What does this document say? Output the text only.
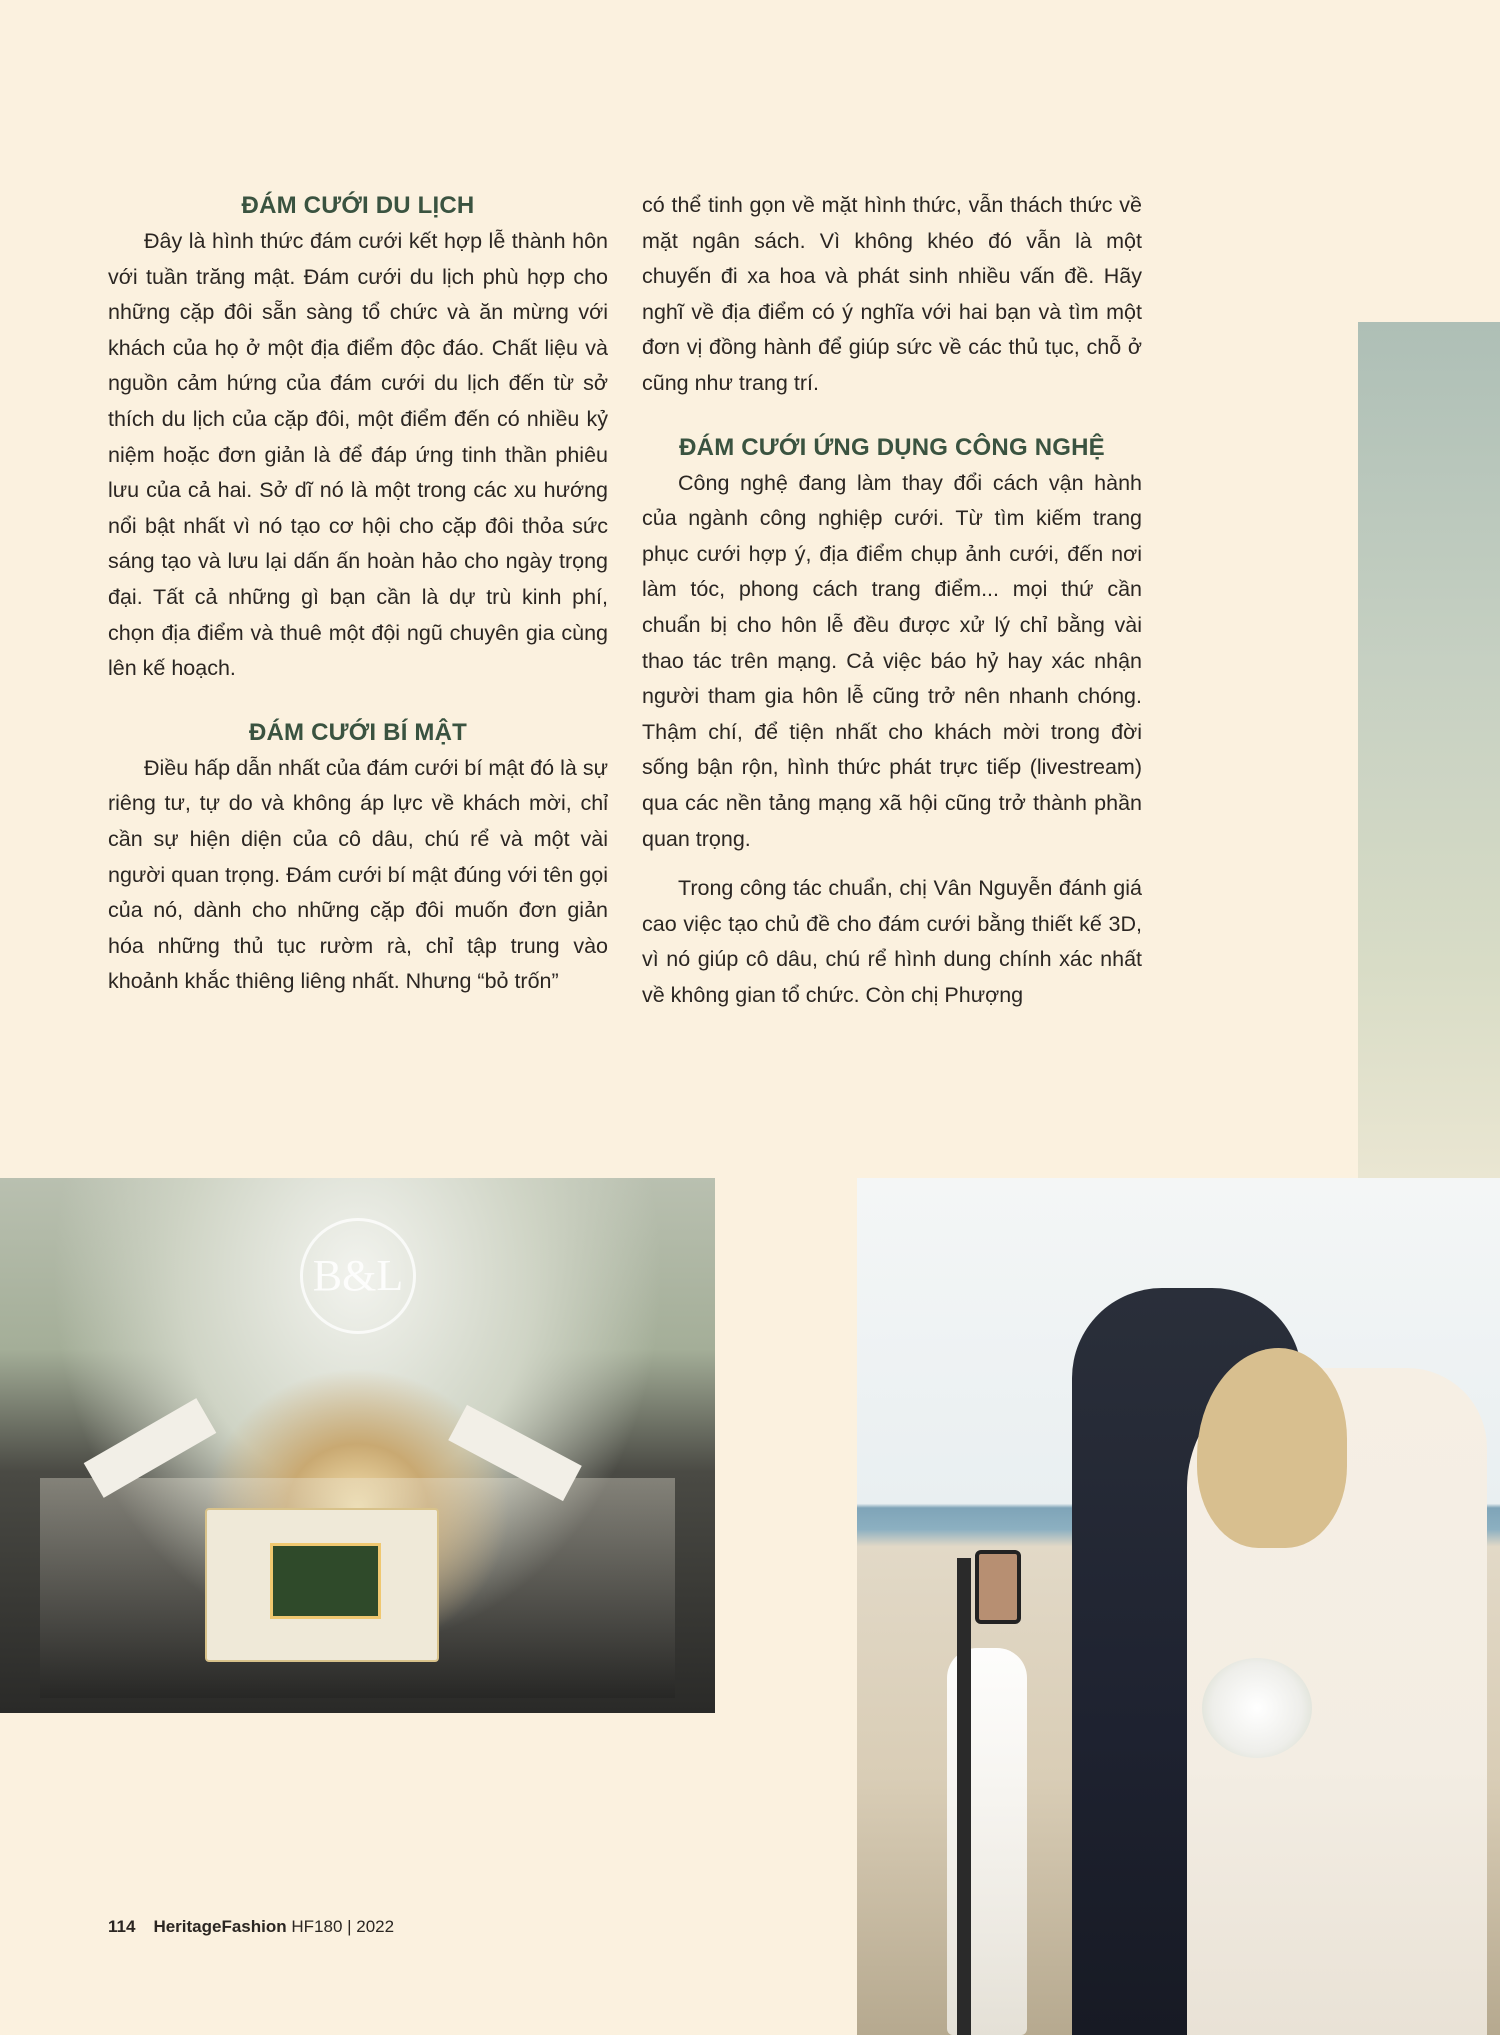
ĐÁM CƯỚI DU LỊCH

Đây là hình thức đám cưới kết hợp lễ thành hôn với tuần trăng mật. Đám cưới du lịch phù hợp cho những cặp đôi sẵn sàng tổ chức và ăn mừng với khách của họ ở một địa điểm độc đáo. Chất liệu và nguồn cảm hứng của đám cưới du lịch đến từ sở thích du lịch của cặp đôi, một điểm đến có nhiều kỷ niệm hoặc đơn giản là để đáp ứng tinh thần phiêu lưu của cả hai. Sở dĩ nó là một trong các xu hướng nổi bật nhất vì nó tạo cơ hội cho cặp đôi thỏa sức sáng tạo và lưu lại dấn ấn hoàn hảo cho ngày trọng đại. Tất cả những gì bạn cần là dự trù kinh phí, chọn địa điểm và thuê một đội ngũ chuyên gia cùng lên kế hoạch.

ĐÁM CƯỚI BÍ MẬT

Điều hấp dẫn nhất của đám cưới bí mật đó là sự riêng tư, tự do và không áp lực về khách mời, chỉ cần sự hiện diện của cô dâu, chú rể và một vài người quan trọng. Đám cưới bí mật đúng với tên gọi của nó, dành cho những cặp đôi muốn đơn giản hóa những thủ tục rườm rà, chỉ tập trung vào khoảnh khắc thiêng liêng nhất. Nhưng “bỏ trốn”

có thể tinh gọn về mặt hình thức, vẫn thách thức về mặt ngân sách. Vì không khéo đó vẫn là một chuyến đi xa hoa và phát sinh nhiều vấn đề. Hãy nghĩ về địa điểm có ý nghĩa với hai bạn và tìm một đơn vị đồng hành để giúp sức về các thủ tục, chỗ ở cũng như trang trí.

ĐÁM CƯỚI ỨNG DỤNG CÔNG NGHỆ

Công nghệ đang làm thay đổi cách vận hành của ngành công nghiệp cưới. Từ tìm kiếm trang phục cưới hợp ý, địa điểm chụp ảnh cưới, đến nơi làm tóc, phong cách trang điểm... mọi thứ cần chuẩn bị cho hôn lễ đều được xử lý chỉ bằng vài thao tác trên mạng. Cả việc báo hỷ hay xác nhận người tham gia hôn lễ cũng trở nên nhanh chóng. Thậm chí, để tiện nhất cho khách mời trong đời sống bận rộn, hình thức phát trực tiếp (livestream) qua các nền tảng mạng xã hội cũng trở thành phần quan trọng.

Trong công tác chuẩn, chị Vân Nguyễn đánh giá cao việc tạo chủ đề cho đám cưới bằng thiết kế 3D, vì nó giúp cô dâu, chú rể hình dung chính xác nhất về không gian tổ chức. Còn chị Phượng

B&L
114 HeritageFashion HF180 | 2022
